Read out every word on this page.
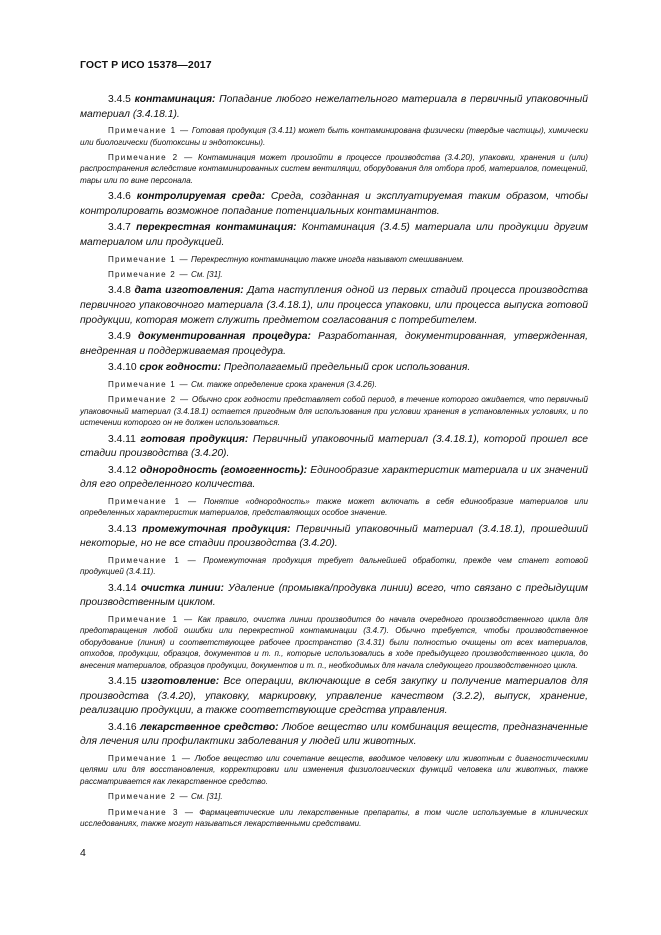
ГОСТ Р ИСО 15378—2017

3.4.5 контаминация: Попадание любого нежелательного материала в первичный упаковочный материал (3.4.18.1).

Примечание 1 — Готовая продукция (3.4.11) может быть контаминирована физически (твердые частицы), химически или биологически (биотоксины и эндотоксины).

Примечание 2 — Контаминация может произойти в процессе производства (3.4.20), упаковки, хранения и (или) распространения вследствие контаминированных систем вентиляции, оборудования для отбора проб, материалов, помещений, тары или по вине персонала.

3.4.6 контролируемая среда: Среда, созданная и эксплуатируемая таким образом, чтобы контролировать возможное попадание потенциальных контаминантов.

3.4.7 перекрестная контаминация: Контаминация (3.4.5) материала или продукции другим материалом или продукцией.

Примечание 1 — Перекрестную контаминацию также иногда называют смешиванием.

Примечание 2 — См. [31].

3.4.8 дата изготовления: Дата наступления одной из первых стадий процесса производства первичного упаковочного материала (3.4.18.1), или процесса упаковки, или процесса выпуска готовой продукции, которая может служить предметом согласования с потребителем.

3.4.9 документированная процедура: Разработанная, документированная, утвержденная, внедренная и поддерживаемая процедура.

3.4.10 срок годности: Предполагаемый предельный срок использования.

Примечание 1 — См. также определение срока хранения (3.4.26).

Примечание 2 — Обычно срок годности представляет собой период, в течение которого ожидается, что первичный упаковочный материал (3.4.18.1) остается пригодным для использования при условии хранения в установленных условиях, и по истечении которого он не должен использоваться.

3.4.11 готовая продукция: Первичный упаковочный материал (3.4.18.1), которой прошел все стадии производства (3.4.20).

3.4.12 однородность (гомогенность): Единообразие характеристик материала и их значений для его определенного количества.

Примечание 1 — Понятие «однородность» также может включать в себя единообразие материалов или определенных характеристик материалов, представляющих особое значение.

3.4.13 промежуточная продукция: Первичный упаковочный материал (3.4.18.1), прошедший некоторые, но не все стадии производства (3.4.20).

Примечание 1 — Промежуточная продукция требует дальнейшей обработки, прежде чем станет готовой продукцией (3.4.11).

3.4.14 очистка линии: Удаление (промывка/продувка линии) всего, что связано с предыдущим производственным циклом.

Примечание 1 — Как правило, очистка линии производится до начала очередного производственного цикла для предотвращения любой ошибки или перекрестной контаминации (3.4.7). Обычно требуется, чтобы производственное оборудование (линия) и соответствующее рабочее пространство (3.4.31) были полностью очищены от всех материалов, отходов, продукции, образцов, документов и т. п., которые использовались в ходе предыдущего производственного цикла, до внесения материалов, образцов продукции, документов и т. п., необходимых для начала следующего производственного цикла.

3.4.15 изготовление: Все операции, включающие в себя закупку и получение материалов для производства (3.4.20), упаковку, маркировку, управление качеством (3.2.2), выпуск, хранение, реализацию продукции, а также соответствующие средства управления.

3.4.16 лекарственное средство: Любое вещество или комбинация веществ, предназначенные для лечения или профилактики заболевания у людей или животных.

Примечание 1 — Любое вещество или сочетание веществ, вводимое человеку или животным с диагностическими целями или для восстановления, корректировки или изменения физиологических функций человека или животных, также рассматривается как лекарственное средство.

Примечание 2 — См. [31].

Примечание 3 — Фармацевтические или лекарственные препараты, в том числе используемые в клинических исследованиях, также могут называться лекарственными средствами.

4
